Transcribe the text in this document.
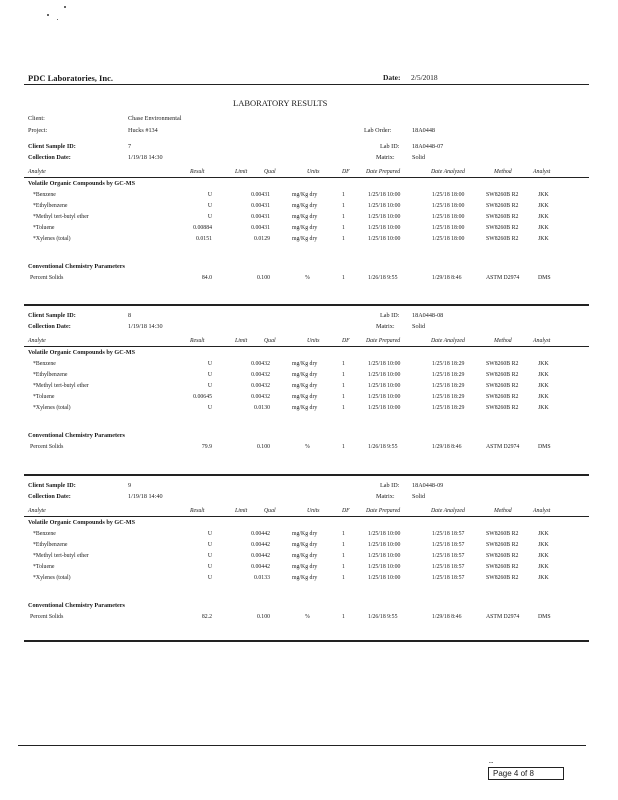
PDC Laboratories, Inc.	Date: 2/5/2018
LABORATORY RESULTS
Client:	Chase Environmental
Project:	Hucks #134	Lab Order:	18A0448
Client Sample ID:	7	Lab ID: 18A0448-07
Collection Date:	1/19/18 14:30	Matrix:	Solid
Analyte	Result	Limit	Qual	Units	DF	Date Prepared	Date Analyzed	Method	Analyst
Volatile Organic Compounds by GC-MS
*Benzene	U	0.00431	mg/Kg dry	1	1/25/18 10:00	1/25/18 18:00	SW8260B R2	JKK
*Ethylbenzene	U	0.00431	mg/Kg dry	1	1/25/18 10:00	1/25/18 18:00	SW8260B R2	JKK
*Methyl tert-butyl ether	U	0.00431	mg/Kg dry	1	1/25/18 10:00	1/25/18 18:00	SW8260B R2	JKK
*Toluene	0.00884	0.00431	mg/Kg dry	1	1/25/18 10:00	1/25/18 18:00	SW8260B R2	JKK
*Xylenes (total)	0.0151	0.0129	mg/Kg dry	1	1/25/18 10:00	1/25/18 18:00	SW8260B R2	JKK
Conventional Chemistry Parameters
Percent Solids	84.0	0.100	%	1	1/26/18 9:55	1/29/18 8:46	ASTM D2974	DMS
Client Sample ID:	8	Lab ID: 18A0448-08
Collection Date:	1/19/18 14:30	Matrix:	Solid
Analyte	Result	Limit	Qual	Units	DF	Date Prepared	Date Analyzed	Method	Analyst
Volatile Organic Compounds by GC-MS
*Benzene	U	0.00432	mg/Kg dry	1	1/25/18 10:00	1/25/18 18:29	SW8260B R2	JKK
*Ethylbenzene	U	0.00432	mg/Kg dry	1	1/25/18 10:00	1/25/18 18:29	SW8260B R2	JKK
*Methyl tert-butyl ether	U	0.00432	mg/Kg dry	1	1/25/18 10:00	1/25/18 18:29	SW8260B R2	JKK
*Toluene	0.00645	0.00432	mg/Kg dry	1	1/25/18 10:00	1/25/18 18:29	SW8260B R2	JKK
*Xylenes (total)	U	0.0130	mg/Kg dry	1	1/25/18 10:00	1/25/18 18:29	SW8260B R2	JKK
Conventional Chemistry Parameters
Percent Solids	79.9	0.100	%	1	1/26/18 9:55	1/29/18 8:46	ASTM D2974	DMS
Client Sample ID:	9	Lab ID: 18A0448-09
Collection Date:	1/19/18 14:40	Matrix:	Solid
Analyte	Result	Limit	Qual	Units	DF	Date Prepared	Date Analyzed	Method	Analyst
Volatile Organic Compounds by GC-MS
*Benzene	U	0.00442	mg/Kg dry	1	1/25/18 10:00	1/25/18 18:57	SW8260B R2	JKK
*Ethylbenzene	U	0.00442	mg/Kg dry	1	1/25/18 10:00	1/25/18 18:57	SW8260B R2	JKK
*Methyl tert-butyl ether	U	0.00442	mg/Kg dry	1	1/25/18 10:00	1/25/18 18:57	SW8260B R2	JKK
*Toluene	U	0.00442	mg/Kg dry	1	1/25/18 10:00	1/25/18 18:57	SW8260B R2	JKK
*Xylenes (total)	U	0.0133	mg/Kg dry	1	1/25/18 10:00	1/25/18 18:57	SW8260B R2	JKK
Conventional Chemistry Parameters
Percent Solids	82.2	0.100	%	1	1/26/18 9:55	1/29/18 8:46	ASTM D2974	DMS
•••
Page 4 of 8
